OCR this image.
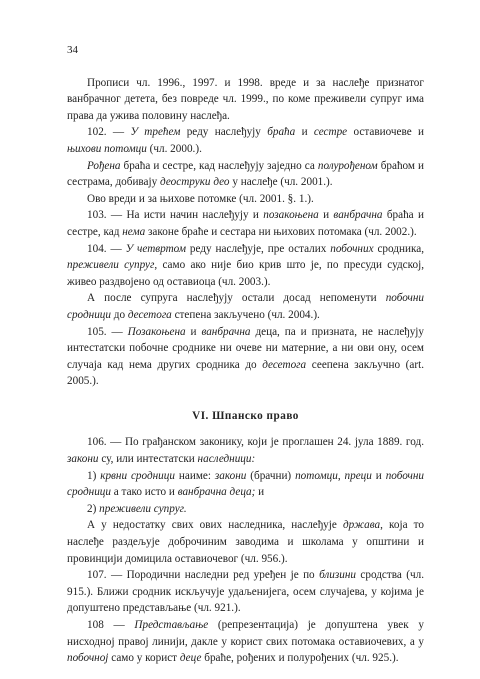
34

Прописи чл. 1996., 1997. и 1998. вреде и за наслеђе признатог ванбрачног детета, без повреде чл. 1999., по коме преживели супруг има права да ужива половину наслеђа.

102. — У трећем реду наслеђују браћа и сестре оставиочеве и њихови потомци (чл. 2000.).

Рођена браћа и сестре, кад наслеђују заједно са полурођеном браћом и сестрама, добивају деоструки део у наслеђе (чл. 2001.).

Ово вреди и за њихове потомке (чл. 2001. §. 1.).

103. — На исти начин наслеђују и позакоњена и ванбрачна браћа и сестре, кад нема законе браће и сестара ни њихових потомака (чл. 2002.).

104. — У четвртом реду наслеђује, пре осталих побочних сродника, преживели супруг, само ако није био крив што је, по пресуди судској, живео раздвојено од оставиоца (чл. 2003.).

А после супруга наслеђују остали досад непоменути побочни сродници до десетога степена закључено (чл. 2004.).

105. — Позакоњена и ванбрачна деца, па и призната, не наслеђују интестатски побочне сроднике ни очеве ни матерние, а ни ови ону, осем случаја кад нема других сродника до десетога сеепена закључно (art. 2005.).

VI. Шпанско право

106. — По грађанском законику, који је проглашен 24. јула 1889. год. закони су, или интестатски наследници:

1) крвни сродници наиме: закони (брачни) потомци, преци и побочни сродници а тако исто и ванбрачна деца; и

2) преживели супруг.

А у недостатку свих ових наследника, наслеђује држава, која то наслеђе раздељује доброчиним заводима и школама у општини и провинцији домицила оставиочевог (чл. 956.).

107. — Породични наследни ред уређен је по близини сродства (чл. 915.). Ближи сродник искључује удаљенијега, осем случајева, у којима је допуштено представљање (чл. 921.).

108 — Представљање (репрезентација) је допуштена увек у нисходној правој линији, дакле у корист свих потомака оставиочевих, а у побочној само у корист деце браће, рођених и полурођених (чл. 925.).
